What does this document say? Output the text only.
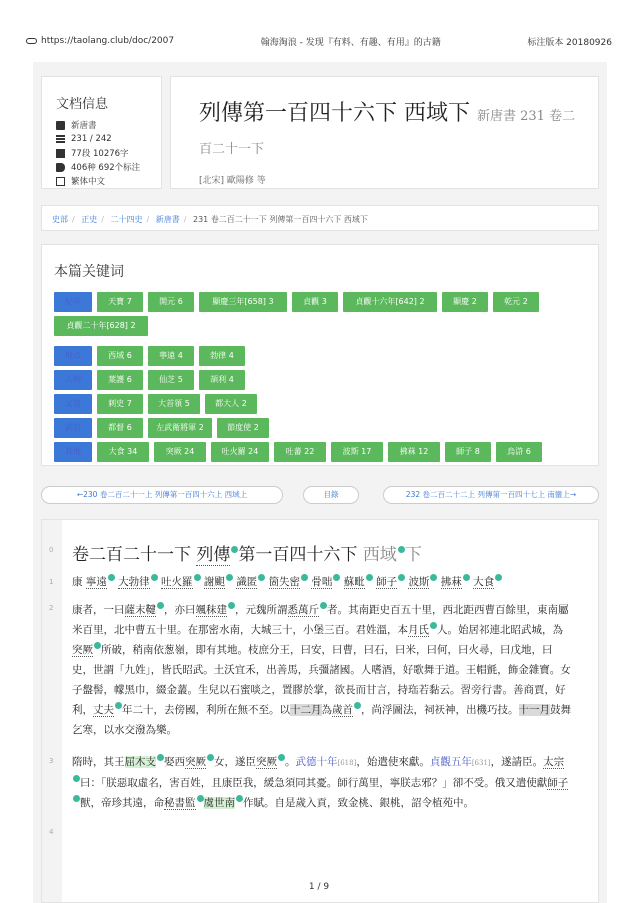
https://taolang.club/doc/2007	翰海淘浪 - 发现『有料、有趣、有用』的古籍	标注版本 20180926
文档信息
新唐書
231 / 242
77段 10276字
406种 692个标注
繁体中文
列傳第一百四十六下 西域下 新唐書 231 卷二
百二十一下
[北宋] 歐陽修 等
史部 / 正史 / 二十四史 / 新唐書 / 231 卷二百二十一下 列傳第一百四十六下 西域下
本篇关键词
紀年	天寶 7	開元 6	顯慶三年[658] 3	貞觀 3	貞觀十六年[642] 2	顯慶 2	乾元 2
貞觀二十年[628] 2
地点	西域 6	寧遠 4	勃律 4
人物	葉護 6	仙芝 5	頡利 4
文官	刺史 7	大首領 5	都大人 2
武官	都督 6	左武衛將軍 2	節度使 2
其他	大食 34	突厥 24	吐火羅 24	吐蕃 22	波斯 17	拂菻 12	師子 8	烏滸 6
←230 卷二百二十一上 列傳第一百四十六上 西域上	目錄	232 卷二百二十二上 列傳第一百四十七上 南蠻上→
0
1
2
3
4
卷二百二十一下 列傳 第一百四十六下 西域 下
康 寧遠 大勃律 吐火羅 謝䫻 識匿 箇失密 骨咄 蘇毗 師子 波斯 拂菻 大食
康者，一曰薩末鞬 ，亦曰颯秣建 ，元魏所謂悉萬斤 者。其南距史百五十里，西北距西曹百餘里，東南屬米百里，北中曹五十里。在那密水南，大城三十，小堡三百。君姓溫，本月氏 人。始居祁連北昭武城，為突厥 所破，稍南依葱嶺，即有其地。枝庶分王，曰安，曰曹，曰石，曰米，曰何，曰火尋，曰戊地，曰史，世謂「九姓」，皆氏昭武。土沃宜禾，出善馬，兵彊諸國。人嗜酒，好歌舞于道。王帽氈，飾金雜寶。女子盤髻，幪黑巾，綴金䕺。生兒以石蜜啖之，置膠於掌，欲長而甘言，持珤若黏云。習旁行書。善商賈，好利，丈夫 年二十，去傍國，利所在無不至。以十二月為歲首 ，尚浮圖法，祠祆神，出機巧技。十一月鼓舞乞寒，以水交潑為樂。
隋時，其王屈木支 娶西突厥 女，遂臣突厥 。武德十年[618]，始遣使來獻。貞觀五年[631]，遂請臣。太宗曰：「朕惡取虛名，害百姓，且康臣我，緩急須同其憂。師行萬里，寧朕志邪？」卻不受。俄又遣使獻師子獸，帝珍其遠，命秘書監 虞世南 作賦。自是歲入貢，致金桃、銀桃，詔令植苑中。
1 / 9
